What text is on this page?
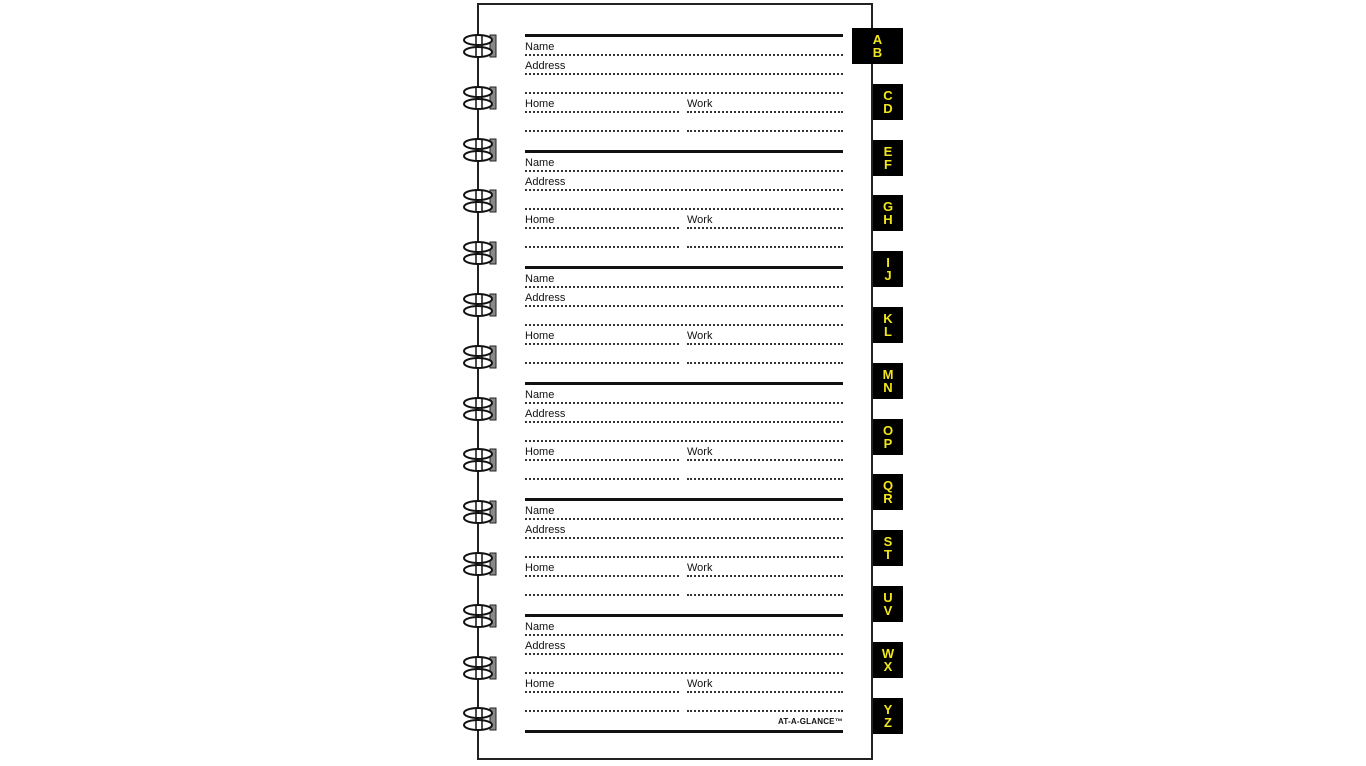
Name
Address
Home	Work
Name
Address
Home	Work
Name
Address
Home	Work
Name
Address
Home	Work
Name
Address
Home	Work
Name
Address
Home	Work
AT-A-GLANCE™
A
B
C
D
E
F
G
H
I
J
K
L
M
N
O
P
Q
R
S
T
U
V
W
X
Y
Z
